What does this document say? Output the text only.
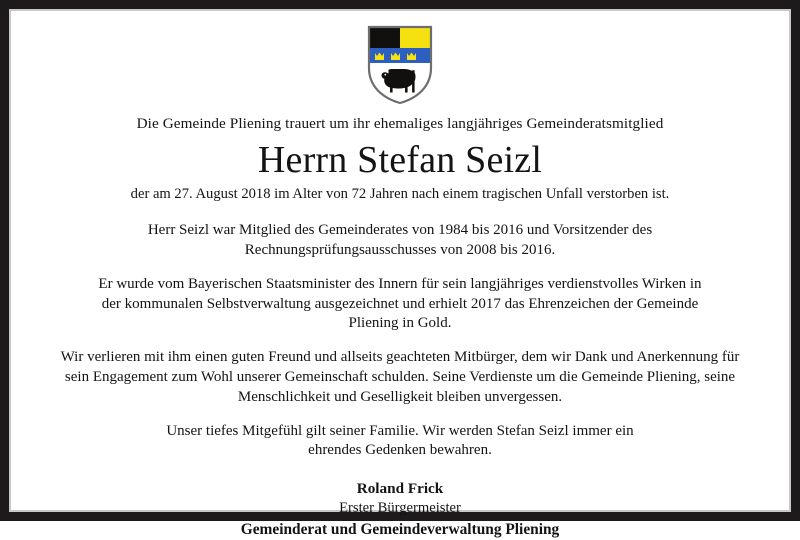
Die Gemeinde Pliening trauert um ihr ehemaliges langjähriges Gemeinderatsmitglied

Herrn Stefan Seizl

der am 27. August 2018 im Alter von 72 Jahren nach einem tragischen Unfall verstorben ist.

Herr Seizl war Mitglied des Gemeinderates von 1984 bis 2016 und Vorsitzender des Rechnungsprüfungsausschusses von 2008 bis 2016.

Er wurde vom Bayerischen Staatsminister des Innern für sein langjähriges verdienstvolles Wirken in der kommunalen Selbstverwaltung ausgezeichnet und erhielt 2017 das Ehrenzeichen der Gemeinde Pliening in Gold.

Wir verlieren mit ihm einen guten Freund und allseits geachteten Mitbürger, dem wir Dank und Anerkennung für sein Engagement zum Wohl unserer Gemeinschaft schulden. Seine Verdienste um die Gemeinde Pliening, seine Menschlichkeit und Geselligkeit bleiben unvergessen.

Unser tiefes Mitgefühl gilt seiner Familie. Wir werden Stefan Seizl immer ein ehrendes Gedenken bewahren.

Roland Frick
Erster Bürgermeister
Gemeinderat und Gemeindeverwaltung Pliening
